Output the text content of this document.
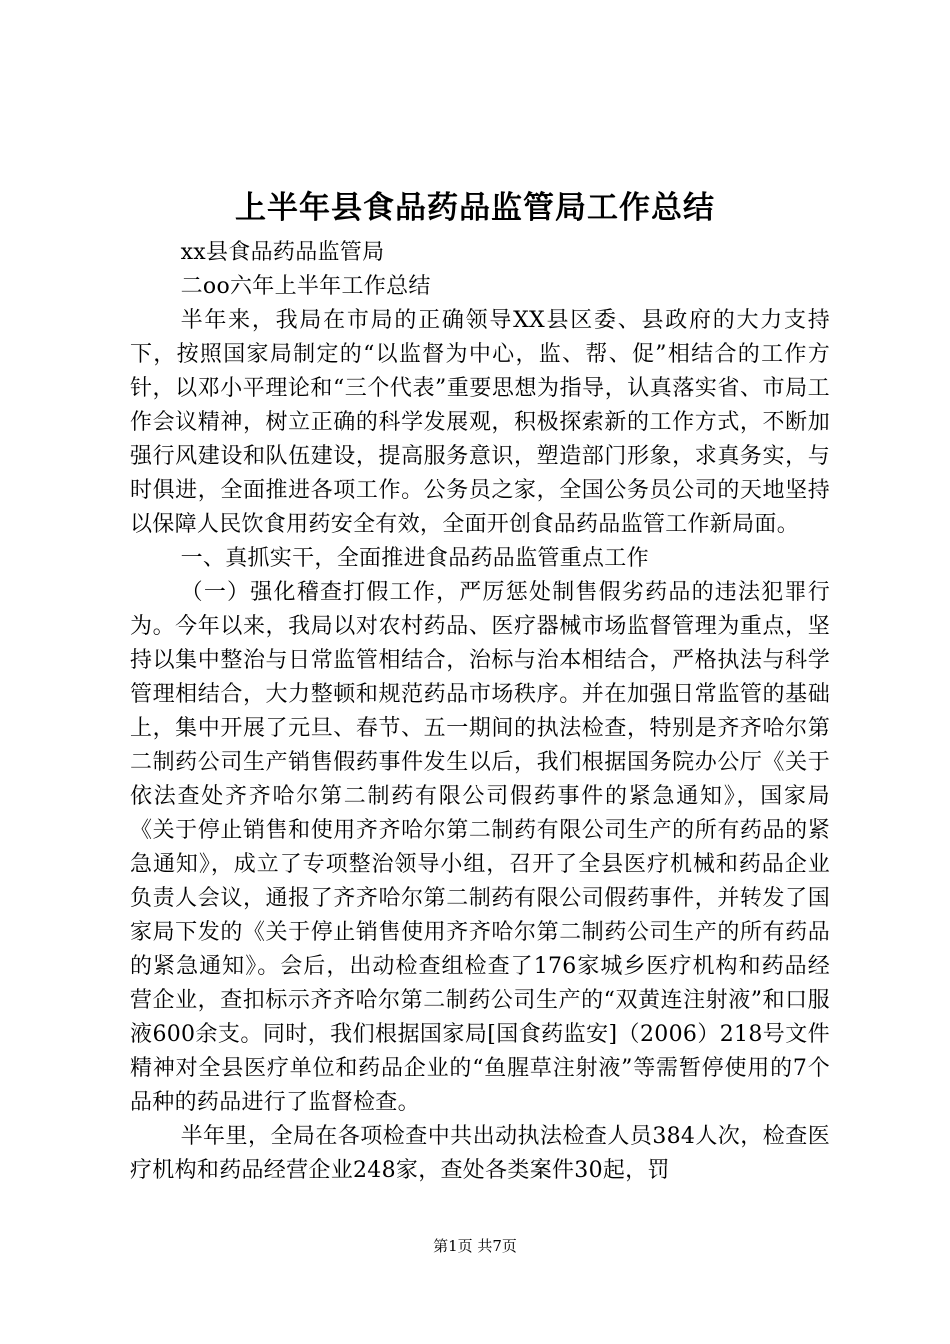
上半年县食品药品监管局工作总结

xx县食品药品监管局

二oo六年上半年工作总结

半年来，我局在市局的正确领导XX县区委、县政府的大力支持下，按照国家局制定的“以监督为中心，监、帮、促”相结合的工作方针，以邓小平理论和“三个代表”重要思想为指导，认真落实省、市局工作会议精神，树立正确的科学发展观，积极探索新的工作方式，不断加强行风建设和队伍建设，提高服务意识，塑造部门形象，求真务实，与时俱进，全面推进各项工作。公务员之家，全国公务员公司的天地坚持以保障人民饮食用药安全有效，全面开创食品药品监管工作新局面。

一、真抓实干，全面推进食品药品监管重点工作

（一）强化稽查打假工作，严厉惩处制售假劣药品的违法犯罪行为。今年以来，我局以对农村药品、医疗器械市场监督管理为重点，坚持以集中整治与日常监管相结合，治标与治本相结合，严格执法与科学管理相结合，大力整顿和规范药品市场秩序。并在加强日常监管的基础上，集中开展了元旦、春节、五一期间的执法检查，特别是齐齐哈尔第二制药公司生产销售假药事件发生以后，我们根据国务院办公厅《关于依法查处齐齐哈尔第二制药有限公司假药事件的紧急通知》，国家局《关于停止销售和使用齐齐哈尔第二制药有限公司生产的所有药品的紧急通知》，成立了专项整治领导小组，召开了全县医疗机械和药品企业负责人会议，通报了齐齐哈尔第二制药有限公司假药事件，并转发了国家局下发的《关于停止销售使用齐齐哈尔第二制药公司生产的所有药品的紧急通知》。会后，出动检查组检查了176家城乡医疗机构和药品经营企业，查扣标示齐齐哈尔第二制药公司生产的“双黄连注射液”和口服液600余支。同时，我们根据国家局[国食药监安]（2006）218号文件精神对全县医疗单位和药品企业的“鱼腥草注射液”等需暂停使用的7个品种的药品进行了监督检查。

半年里，全局在各项检查中共出动执法检查人员384人次，检查医疗机构和药品经营企业248家，查处各类案件30起，罚

第1页 共7页
